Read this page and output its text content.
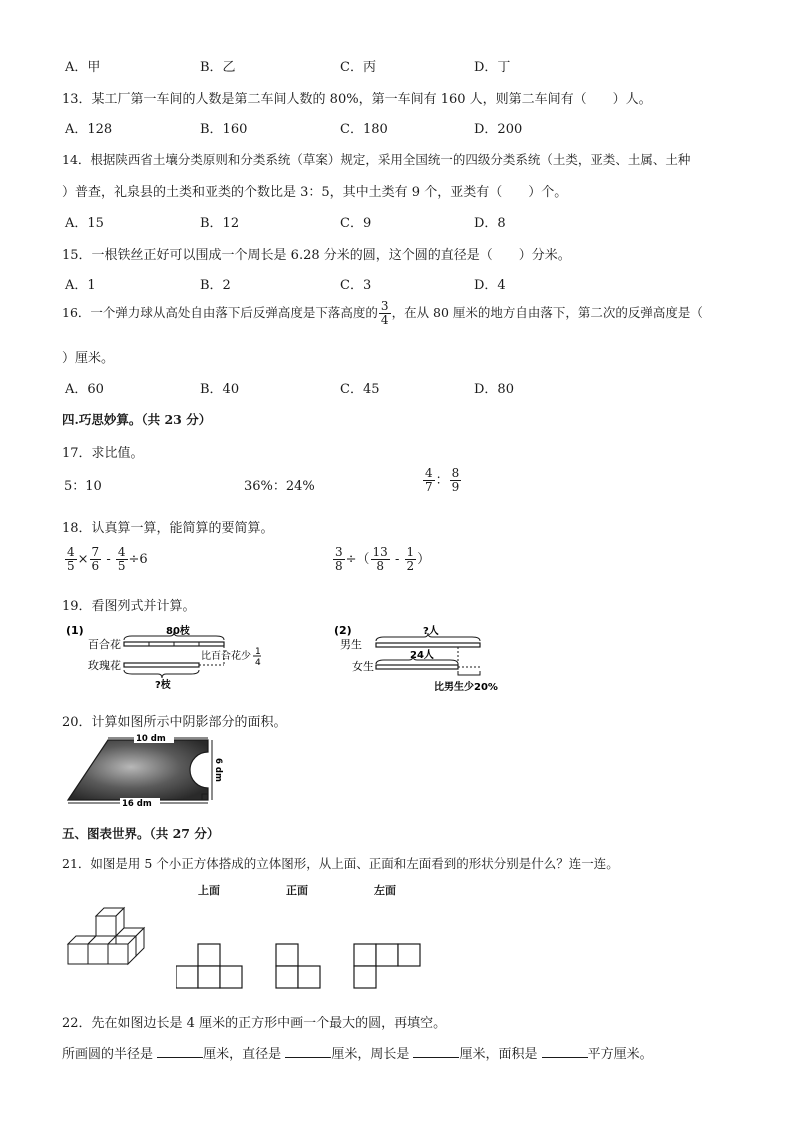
A．甲	B．乙	C．丙	D．丁
13．某工厂第一车间的人数是第二车间人数的 80%，第一车间有 160 人，则第二车间有（　　）人。
A．128	B．160	C．180	D．200
14．根据陕西省土壤分类原则和分类系统（草案）规定，采用全国统一的四级分类系统（土类，亚类、土属、土种
）普查，礼泉县的土类和亚类的个数比是 3：5，其中土类有 9 个，亚类有（　　）个。
A．15	B．12	C．9	D．8
15．一根铁丝正好可以围成一个周长是 6.28 分米的圆，这个圆的直径是（　　）分米。
A．1	B．2	C．3	D．4
16．一个弹力球从高处自由落下后反弹高度是下落高度的 $\frac{3}{4}$ ，在从 80 厘米的地方自由落下，第二次的反弹高度是（
）厘米。
A．60	B．40	C．45	D．80
四.巧思妙算。（共 23 分）
17．求比值。
5：10	36%：24%	$\frac{4}{7}$ ： $\frac{8}{9}$
18．认真算一算，能简算的要简算。
$\frac{4}{5} \times \frac{7}{6} - \frac{4}{5} \div 6$	$\frac{3}{8}$ ÷（ $\frac{13}{8} - \frac{1}{2}$ ）
19．看图列式并计算。
(1)
百合花
玫瑰花
80枝
比百合花少 1
4
?枝
(2)
男生
女生
?人
24人
比男生少20%
20．计算如图所示中阴影部分的面积。
10 dm
16 dm
6 dm
五、图表世界。（共 27 分）
21．如图是用 5 个小正方体搭成的立体图形，从上面、正面和左面看到的形状分别是什么？连一连。
上面	正面	左面
22．先在如图边长是 4 厘米的正方形中画一个最大的圆，再填空。
所画圆的半径是	厘米，直径是	厘米，周长是	厘米，面积是	平方厘米。
